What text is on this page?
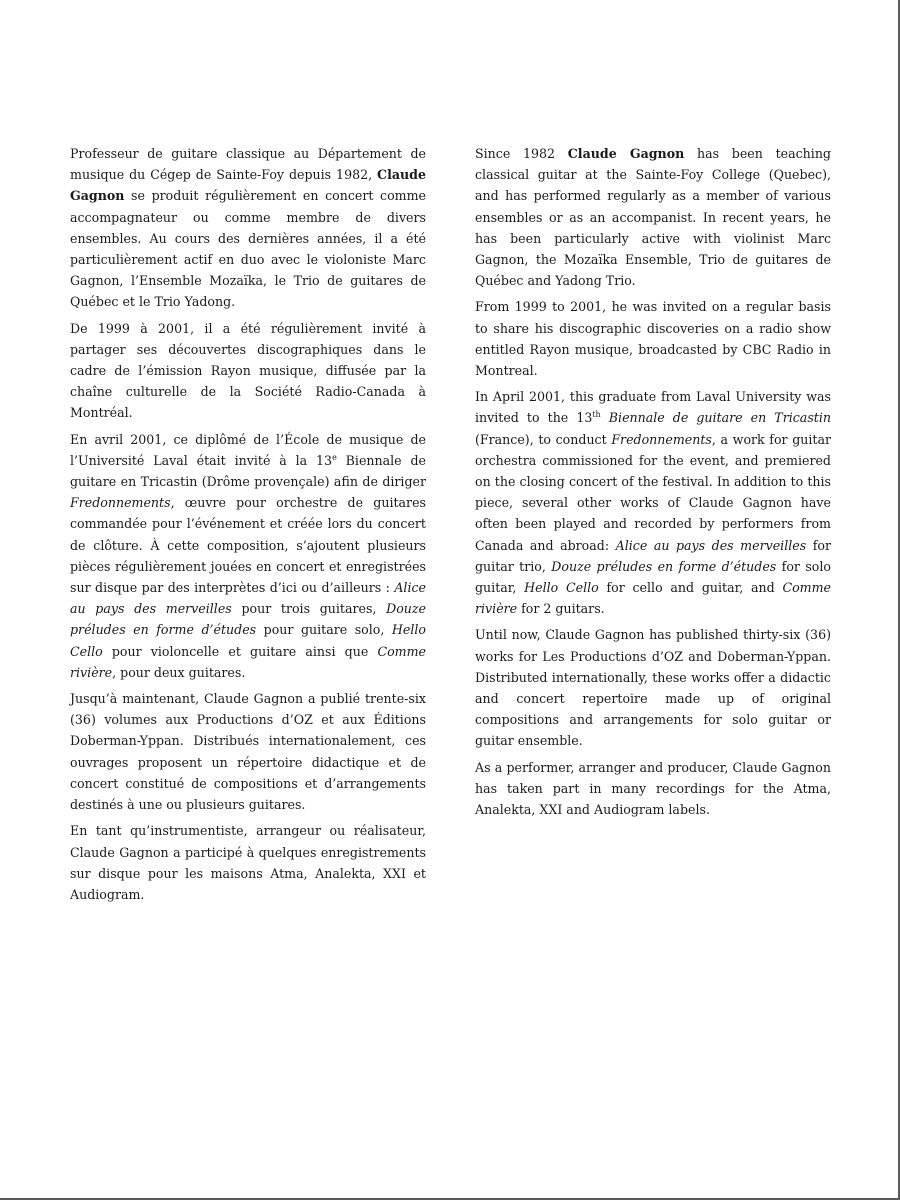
Professeur de guitare classique au Département de musique du Cégep de Sainte-Foy depuis 1982, Claude Gagnon se produit régulièrement en concert comme accompagnateur ou comme membre de divers ensembles. Au cours des dernières années, il a été particulièrement actif en duo avec le violoniste Marc Gagnon, l’Ensemble Mozaïka, le Trio de guitares de Québec et le Trio Yadong.

De 1999 à 2001, il a été régulièrement invité à partager ses découvertes discographiques dans le cadre de l’émission Rayon musique, diffusée par la chaîne culturelle de la Société Radio-Canada à Montréal.

En avril 2001, ce diplômé de l’École de musique de l’Université Laval était invité à la 13e Biennale de guitare en Tricastin (Drôme provençale) afin de diriger Fredonnements, œuvre pour orchestre de guitares commandée pour l’événement et créée lors du concert de clôture. À cette composition, s’ajoutent plusieurs pièces régulièrement jouées en concert et enregistrées sur disque par des interprètes d’ici ou d’ailleurs : Alice au pays des merveilles pour trois guitares, Douze préludes en forme d’études pour guitare solo, Hello Cello pour violoncelle et guitare ainsi que Comme rivière, pour deux guitares.

Jusqu’à maintenant, Claude Gagnon a publié trente-six (36) volumes aux Productions d’OZ et aux Éditions Doberman-Yppan. Distribués internationalement, ces ouvrages proposent un répertoire didactique et de concert constitué de compositions et d’arrangements destinés à une ou plusieurs guitares.

En tant qu’instrumentiste, arrangeur ou réalisateur, Claude Gagnon a participé à quelques enregistrements sur disque pour les maisons Atma, Analekta, XXI et Audiogram.

Since 1982 Claude Gagnon has been teaching classical guitar at the Sainte-Foy College (Quebec), and has performed regularly as a member of various ensembles or as an accompanist. In recent years, he has been particularly active with violinist Marc Gagnon, the Mozaïka Ensemble, Trio de guitares de Québec and Yadong Trio.

From 1999 to 2001, he was invited on a regular basis to share his discographic discoveries on a radio show entitled Rayon musique, broadcasted by CBC Radio in Montreal.

In April 2001, this graduate from Laval University was invited to the 13th Biennale de guitare en Tricastin (France), to conduct Fredonnements, a work for guitar orchestra commissioned for the event, and premiered on the closing concert of the festival. In addition to this piece, several other works of Claude Gagnon have often been played and recorded by performers from Canada and abroad: Alice au pays des merveilles for guitar trio, Douze préludes en forme d’études for solo guitar, Hello Cello for cello and guitar, and Comme rivière for 2 guitars.

Until now, Claude Gagnon has published thirty-six (36) works for Les Productions d’OZ and Doberman-Yppan. Distributed internationally, these works offer a didactic and concert repertoire made up of original compositions and arrangements for solo guitar or guitar ensemble.

As a performer, arranger and producer, Claude Gagnon has taken part in many recordings for the Atma, Analekta, XXI and Audiogram labels.
